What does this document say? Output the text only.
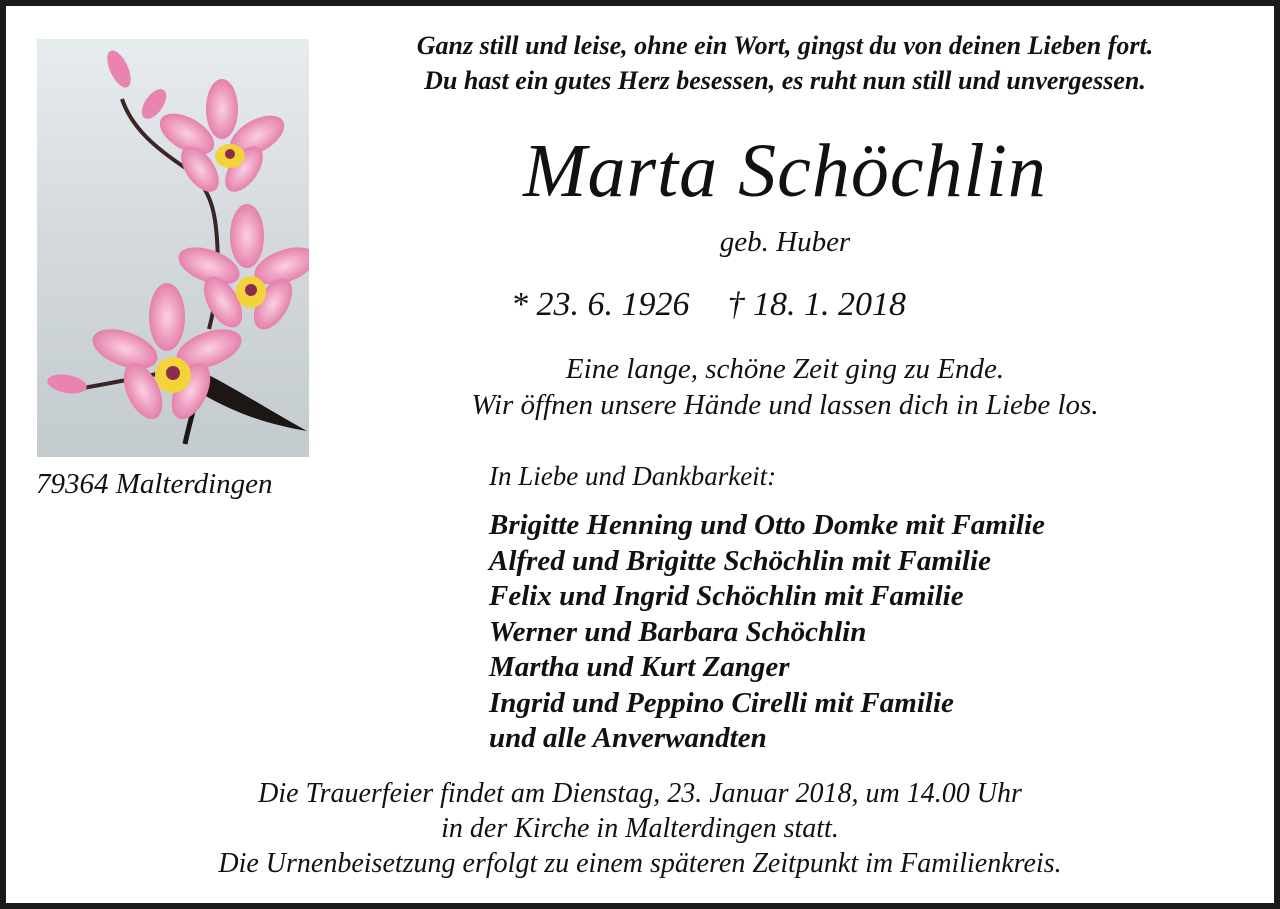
79364 Malterdingen
Ganz still und leise, ohne ein Wort, gingst du von deinen Lieben fort.
Du hast ein gutes Herz besessen, es ruht nun still und unvergessen.
Marta Schöchlin
geb. Huber
* 23. 6. 1926 † 18. 1. 2018
Eine lange, schöne Zeit ging zu Ende.
Wir öffnen unsere Hände und lassen dich in Liebe los.
In Liebe und Dankbarkeit:
Brigitte Henning und Otto Domke mit Familie
Alfred und Brigitte Schöchlin mit Familie
Felix und Ingrid Schöchlin mit Familie
Werner und Barbara Schöchlin
Martha und Kurt Zanger
Ingrid und Peppino Cirelli mit Familie
und alle Anverwandten
Die Trauerfeier findet am Dienstag, 23. Januar 2018, um 14.00 Uhr
in der Kirche in Malterdingen statt.
Die Urnenbeisetzung erfolgt zu einem späteren Zeitpunkt im Familienkreis.
